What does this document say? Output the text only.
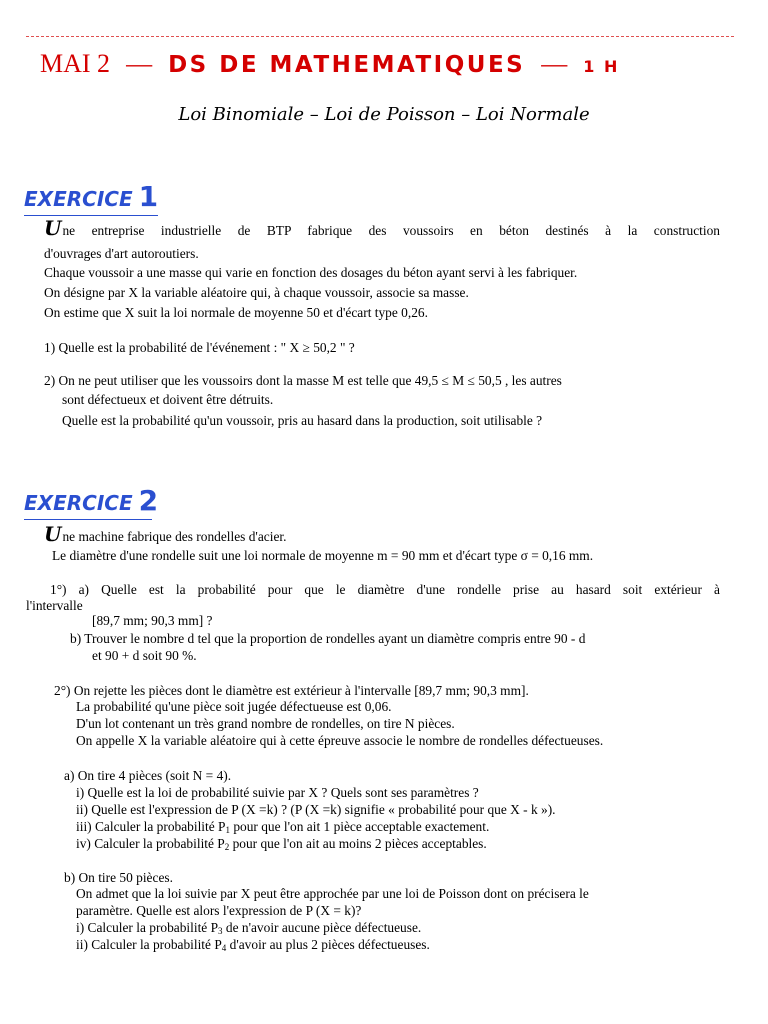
MAI 2 — DS DE MATHEMATIQUES — 1 H
Loi Binomiale – Loi de Poisson – Loi Normale
EXERCICE 1
Une entreprise industrielle de BTP fabrique des voussoirs en béton destinés à la construction
d'ouvrages d'art autoroutiers.
Chaque voussoir a une masse qui varie en fonction des dosages du béton ayant servi à les fabriquer.
On désigne par X la variable aléatoire qui, à chaque voussoir, associe sa masse.
On estime que X suit la loi normale de moyenne 50 et d'écart type 0,26.
1) Quelle est la probabilité de l'événement : " X ≥ 50,2 " ?
2) On ne peut utiliser que les voussoirs dont la masse M est telle que 49,5 ≤ M ≤ 50,5 , les autres
sont défectueux et doivent être détruits.
Quelle est la probabilité qu'un voussoir, pris au hasard dans la production, soit utilisable ?
EXERCICE 2
Une machine fabrique des rondelles d'acier.
Le diamètre d'une rondelle suit une loi normale de moyenne m = 90 mm et d'écart type σ = 0,16 mm.
1°) a) Quelle est la probabilité pour que le diamètre d'une rondelle prise au hasard soit extérieur à
l'intervalle
[89,7 mm; 90,3 mm] ?
b) Trouver le nombre d tel que la proportion de rondelles ayant un diamètre compris entre 90 - d
et 90 + d soit 90 %.
2°) On rejette les pièces dont le diamètre est extérieur à l'intervalle [89,7 mm; 90,3 mm].
La probabilité qu'une pièce soit jugée défectueuse est 0,06.
D'un lot contenant un très grand nombre de rondelles, on tire N pièces.
On appelle X la variable aléatoire qui à cette épreuve associe le nombre de rondelles défectueuses.
a) On tire 4 pièces (soit N = 4).
i) Quelle est la loi de probabilité suivie par X ? Quels sont ses paramètres ?
ii) Quelle est l'expression de P (X =k) ? (P (X =k) signifie « probabilité pour que X - k »).
iii) Calculer la probabilité $P_1$ pour que l'on ait 1 pièce acceptable exactement.
iv) Calculer la probabilité $P_2$ pour que l'on ait au moins 2 pièces acceptables.
b) On tire 50 pièces.
On admet que la loi suivie par X peut être approchée par une loi de Poisson dont on précisera le
paramètre. Quelle est alors l'expression de P (X = k)?
i) Calculer la probabilité $P_3$ de n'avoir aucune pièce défectueuse.
ii) Calculer la probabilité $P_4$ d'avoir au plus 2 pièces défectueuses.
